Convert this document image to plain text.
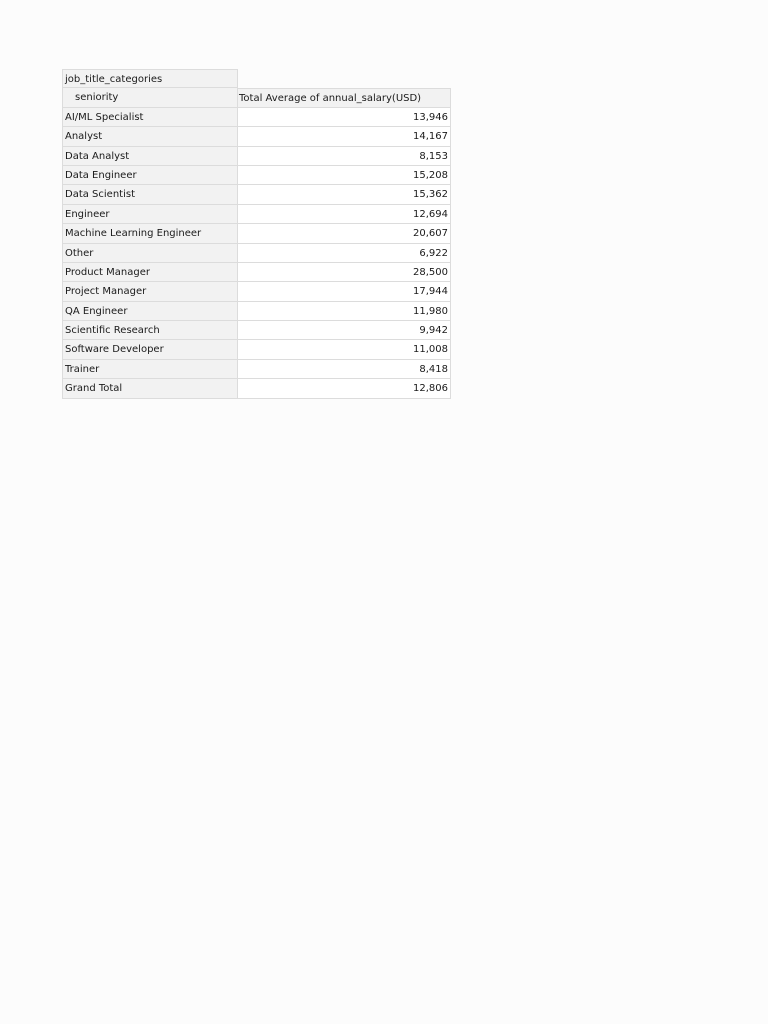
job_title_categories
seniority	Total Average of annual_salary(USD)
AI/ML Specialist	13,946
Analyst	14,167
Data Analyst	8,153
Data Engineer	15,208
Data Scientist	15,362
Engineer	12,694
Machine Learning Engineer	20,607
Other	6,922
Product Manager	28,500
Project Manager	17,944
QA Engineer	11,980
Scientific Research	9,942
Software Developer	11,008
Trainer	8,418
Grand Total	12,806
